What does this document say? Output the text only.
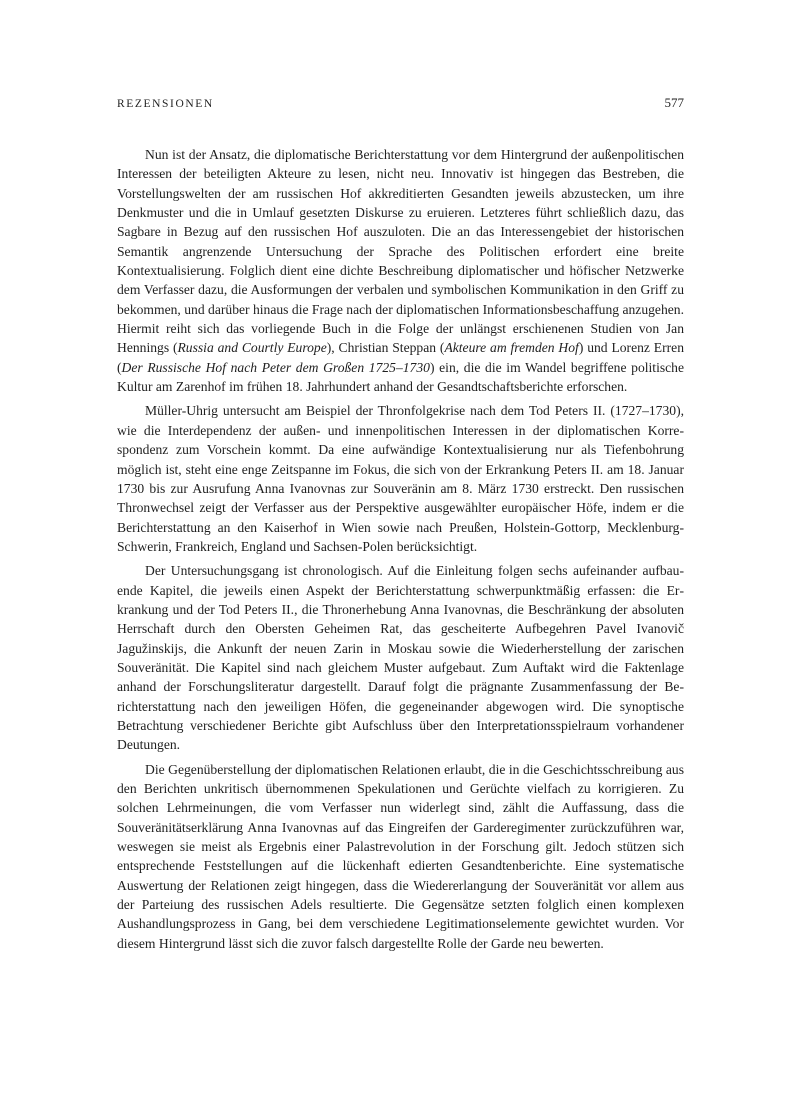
REZENSIONEN	577

Nun ist der Ansatz, die diplomatische Berichterstattung vor dem Hintergrund der außenpolitischen Interessen der beteiligten Akteure zu lesen, nicht neu. Innovativ ist hingegen das Bestreben, die Vorstellungswelten der am russischen Hof akkreditierten Gesandten jeweils abzustecken, um ihre Denkmuster und die in Umlauf gesetzten Diskurse zu eruieren. Letzteres führt schließlich dazu, das Sagbare in Bezug auf den russischen Hof auszuloten. Die an das Interessengebiet der historischen Semantik angrenzende Untersuchung der Sprache des Politischen erfordert eine breite Kontextualisierung. Folglich dient eine dichte Beschreibung diplomatischer und höfischer Netzwerke dem Verfasser dazu, die Ausformungen der verbalen und symbolischen Kommunikation in den Griff zu bekommen, und darüber hinaus die Frage nach der diplomatischen Informationsbeschaffung anzugehen. Hiermit reiht sich das vorliegende Buch in die Folge der unlängst erschienenen Studien von Jan Hennings (Russia and Courtly Europe), Christian Steppan (Akteure am fremden Hof) und Lorenz Erren (Der Russische Hof nach Peter dem Großen 1725–1730) ein, die die im Wandel begriffene politische Kultur am Zarenhof im frühen 18. Jahrhundert anhand der Gesandtschaftsberichte erforschen.

Müller-Uhrig untersucht am Beispiel der Thronfolgekrise nach dem Tod Peters II. (1727–1730), wie die Interdependenz der außen- und innenpolitischen Interessen in der diplomatischen Korrespondenz zum Vorschein kommt. Da eine aufwändige Kontextualisierung nur als Tiefenbohrung möglich ist, steht eine enge Zeitspanne im Fokus, die sich von der Erkrankung Peters II. am 18. Januar 1730 bis zur Ausrufung Anna Ivanovnas zur Souveränin am 8. März 1730 erstreckt. Den russischen Thronwechsel zeigt der Verfasser aus der Perspektive ausgewählter europäischer Höfe, indem er die Berichterstattung an den Kaiserhof in Wien sowie nach Preußen, Holstein-Gottorp, Mecklenburg-Schwerin, Frankreich, England und Sachsen-Polen berücksichtigt.

Der Untersuchungsgang ist chronologisch. Auf die Einleitung folgen sechs aufeinander aufbauende Kapitel, die jeweils einen Aspekt der Berichterstattung schwerpunktmäßig erfassen: die Erkrankung und der Tod Peters II., die Thronerhebung Anna Ivanovnas, die Beschränkung der absoluten Herrschaft durch den Obersten Geheimen Rat, das gescheiterte Aufbegehren Pavel Ivanovič Jagužinskijs, die Ankunft der neuen Zarin in Moskau sowie die Wiederherstellung der zarischen Souveränität. Die Kapitel sind nach gleichem Muster aufgebaut. Zum Auftakt wird die Faktenlage anhand der Forschungsliteratur dargestellt. Darauf folgt die prägnante Zusammenfassung der Berichterstattung nach den jeweiligen Höfen, die gegeneinander abgewogen wird. Die synoptische Betrachtung verschiedener Berichte gibt Aufschluss über den Interpretationsspielraum vorhandener Deutungen.

Die Gegenüberstellung der diplomatischen Relationen erlaubt, die in die Geschichtsschreibung aus den Berichten unkritisch übernommenen Spekulationen und Gerüchte vielfach zu korrigieren. Zu solchen Lehrmeinungen, die vom Verfasser nun widerlegt sind, zählt die Auffassung, dass die Souveränitätserklärung Anna Ivanovnas auf das Eingreifen der Garderegimenter zurückzuführen war, weswegen sie meist als Ergebnis einer Palastrevolution in der Forschung gilt. Jedoch stützen sich entsprechende Feststellungen auf die lückenhaft edierten Gesandtenberichte. Eine systematische Auswertung der Relationen zeigt hingegen, dass die Wiedererlangung der Souveränität vor allem aus der Parteiung des russischen Adels resultierte. Die Gegensätze setzten folglich einen komplexen Aushandlungsprozess in Gang, bei dem verschiedene Legitimationselemente gewichtet wurden. Vor diesem Hintergrund lässt sich die zuvor falsch dargestellte Rolle der Garde neu bewerten.
